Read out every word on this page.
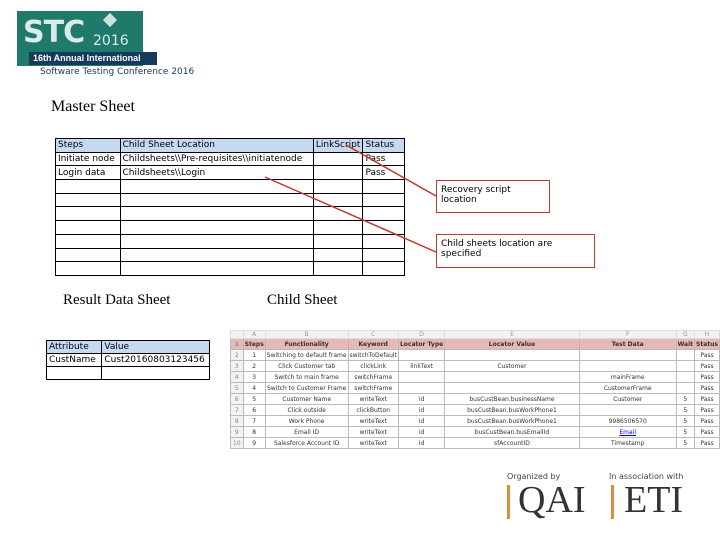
STC 2016
16th Annual International
Software Testing Conference 2016
Master Sheet
Steps	Child Sheet Location	LinkScript	Status
Initiate node	Childsheets\\Pre-requisites\\initiatenode		Pass
Login data	Childsheets\\Login		Pass

Recovery script location
Child sheets location are specified
Result Data Sheet
Attribute	Value
CustName	Cust20160803123456

Child Sheet
	A	B	C	D	E	F	G	H
1	Steps	Functionality	Keyword	Locator Type	Locator Value	Test Data	Wait	Status
2	1	Switching to default frame	switchToDefault					Pass
3	2	Click Customer tab	clickLink	linkText	Customer			Pass
4	3	Switch to main frame	switchFrame			mainFrame		Pass
5	4	Switch to Customer Frame	switchFrame			CustomerFrame		Pass
6	5	Customer Name	writeText	id	busCustBean.businessName	Customer	5	Pass
7	6	Click outside	clickButton	id	busCustBean.busWorkPhone1		5	Pass
8	7	Work Phone	writeText	id	busCustBean.busWorkPhone1	9986506570	5	Pass
9	8	Email ID	writeText	id	busCustBean.busEmailId	Email	5	Pass
10	9	Salesforce Account ID	writeText	id	sfAccountID	Timestamp	5	Pass
Organized by
QAI
In association with
ETI
